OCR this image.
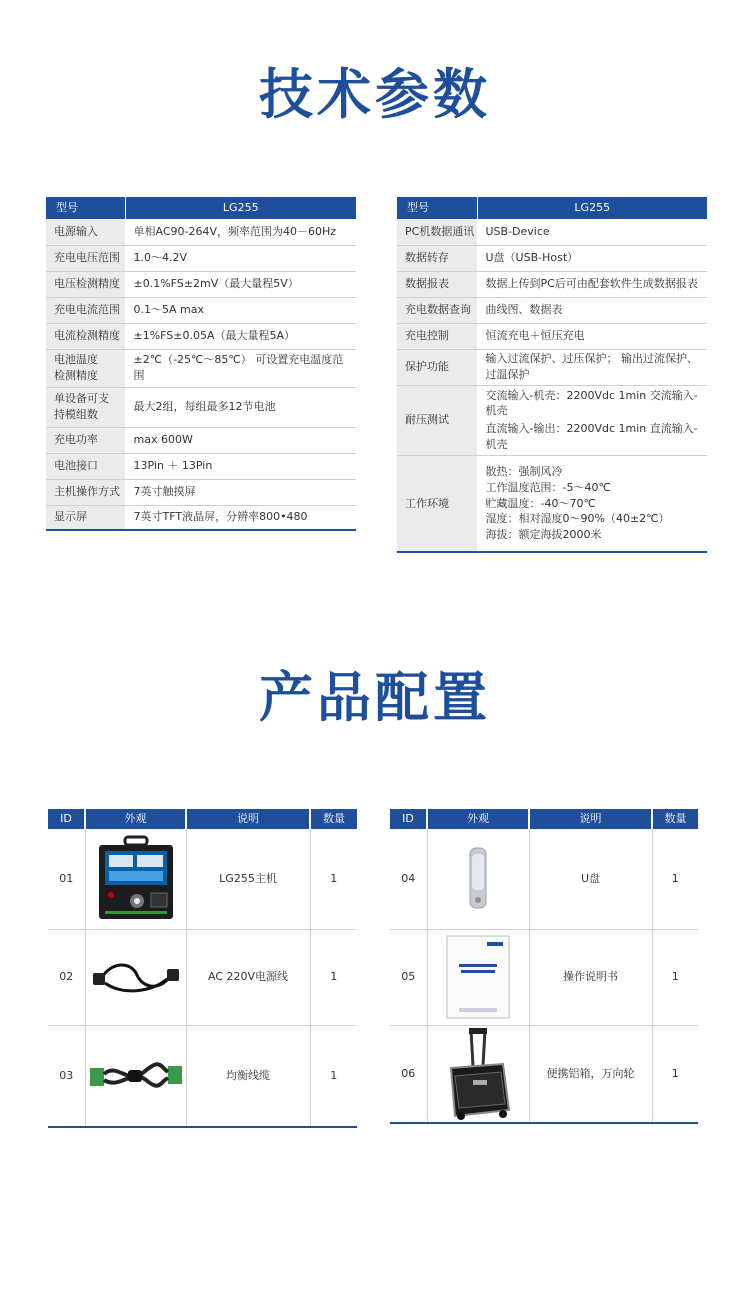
技术参数
型号	LG255

电源输入	单相AC90-264V，频率范围为40－60Hz

充电电压范围	1.0～4.2V

电压检测精度	±0.1%FS±2mV（最大量程5V）

充电电流范围	0.1～5A max

电流检测精度	±1%FS±0.05A（最大量程5A）

电池温度
检测精度	±2℃（-25℃～85℃） 可设置充电温度范围

单设备可支
持模组数	最大2组，每组最多12节电池

充电功率	max 600W

电池接口	13Pin ＋ 13Pin

主机操作方式	7英寸触摸屏

显示屏	7英寸TFT液晶屏，分辨率800•480
型号	LG255

PC机数据通讯	USB-Device

数据转存	U盘（USB-Host）

数据报表	数据上传到PC后可由配套软件生成数据报表

充电数据查询	曲线图、数据表

充电控制	恒流充电＋恒压充电

保护功能	输入过流保护、过压保护； 输出过流保护、
过温保护

耐压测试	交流输入-机壳：2200Vdc 1min 交流输入-机壳
直流输入-输出：2200Vdc 1min 直流输入-机壳

工作环境	散热：强制风冷
工作温度范围：-5～40℃
贮藏温度：-40～70℃
湿度：相对湿度0～90%（40±2℃）
海拔：额定海拔2000米
产品配置
ID	外观	说明	数量
01		LG255主机	1
02		AC 220V电源线	1
03		均衡线缆	1
ID	外观	说明	数量
04		U盘	1
05		操作说明书	1
06		便携铝箱，万向轮	1
